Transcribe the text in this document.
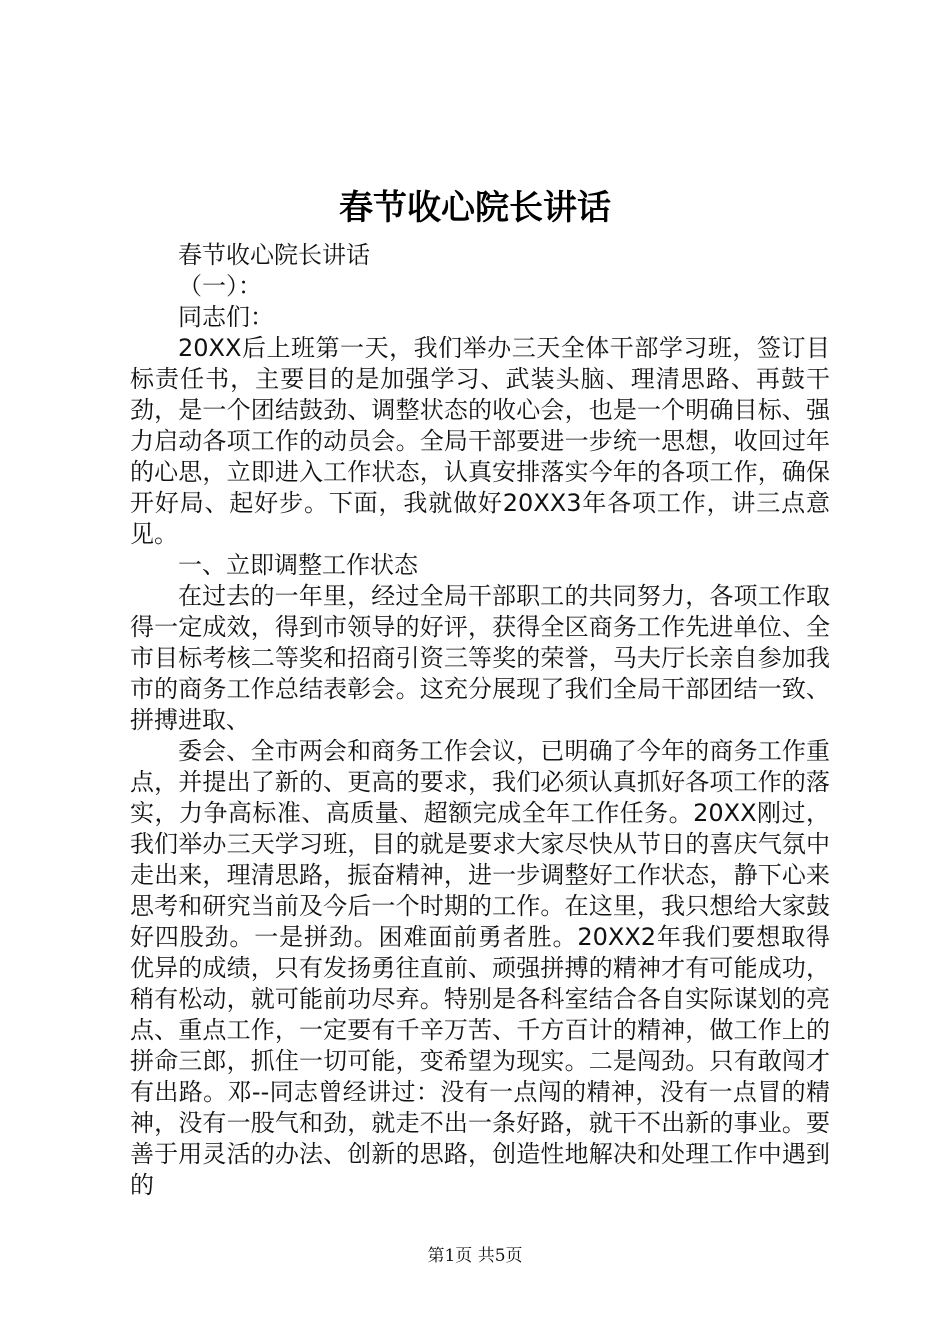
春节收心院长讲话

春节收心院长讲话

（一）：

同志们：

20XX后上班第一天，我们举办三天全体干部学习班，签订目标责任书，主要目的是加强学习、武装头脑、理清思路、再鼓干劲，是一个团结鼓劲、调整状态的收心会，也是一个明确目标、强力启动各项工作的动员会。全局干部要进一步统一思想，收回过年的心思，立即进入工作状态，认真安排落实今年的各项工作，确保开好局、起好步。下面，我就做好20XX3年各项工作，讲三点意见。

一、立即调整工作状态

在过去的一年里，经过全局干部职工的共同努力，各项工作取得一定成效，得到市领导的好评，获得全区商务工作先进单位、全市目标考核二等奖和招商引资三等奖的荣誉，马夫厅长亲自参加我市的商务工作总结表彰会。这充分展现了我们全局干部团结一致、拼搏进取、

委会、全市两会和商务工作会议，已明确了今年的商务工作重点，并提出了新的、更高的要求，我们必须认真抓好各项工作的落实，力争高标准、高质量、超额完成全年工作任务。20XX刚过，我们举办三天学习班，目的就是要求大家尽快从节日的喜庆气氛中走出来，理清思路，振奋精神，进一步调整好工作状态，静下心来思考和研究当前及今后一个时期的工作。在这里，我只想给大家鼓好四股劲。一是拼劲。困难面前勇者胜。20XX2年我们要想取得优异的成绩，只有发扬勇往直前、顽强拼搏的精神才有可能成功，稍有松动，就可能前功尽弃。特别是各科室结合各自实际谋划的亮点、重点工作，一定要有千辛万苦、千方百计的精神，做工作上的拼命三郎，抓住一切可能，变希望为现实。二是闯劲。只有敢闯才有出路。邓--同志曾经讲过：没有一点闯的精神，没有一点冒的精神，没有一股气和劲，就走不出一条好路，就干不出新的事业。要善于用灵活的办法、创新的思路，创造性地解决和处理工作中遇到的

第1页 共5页
